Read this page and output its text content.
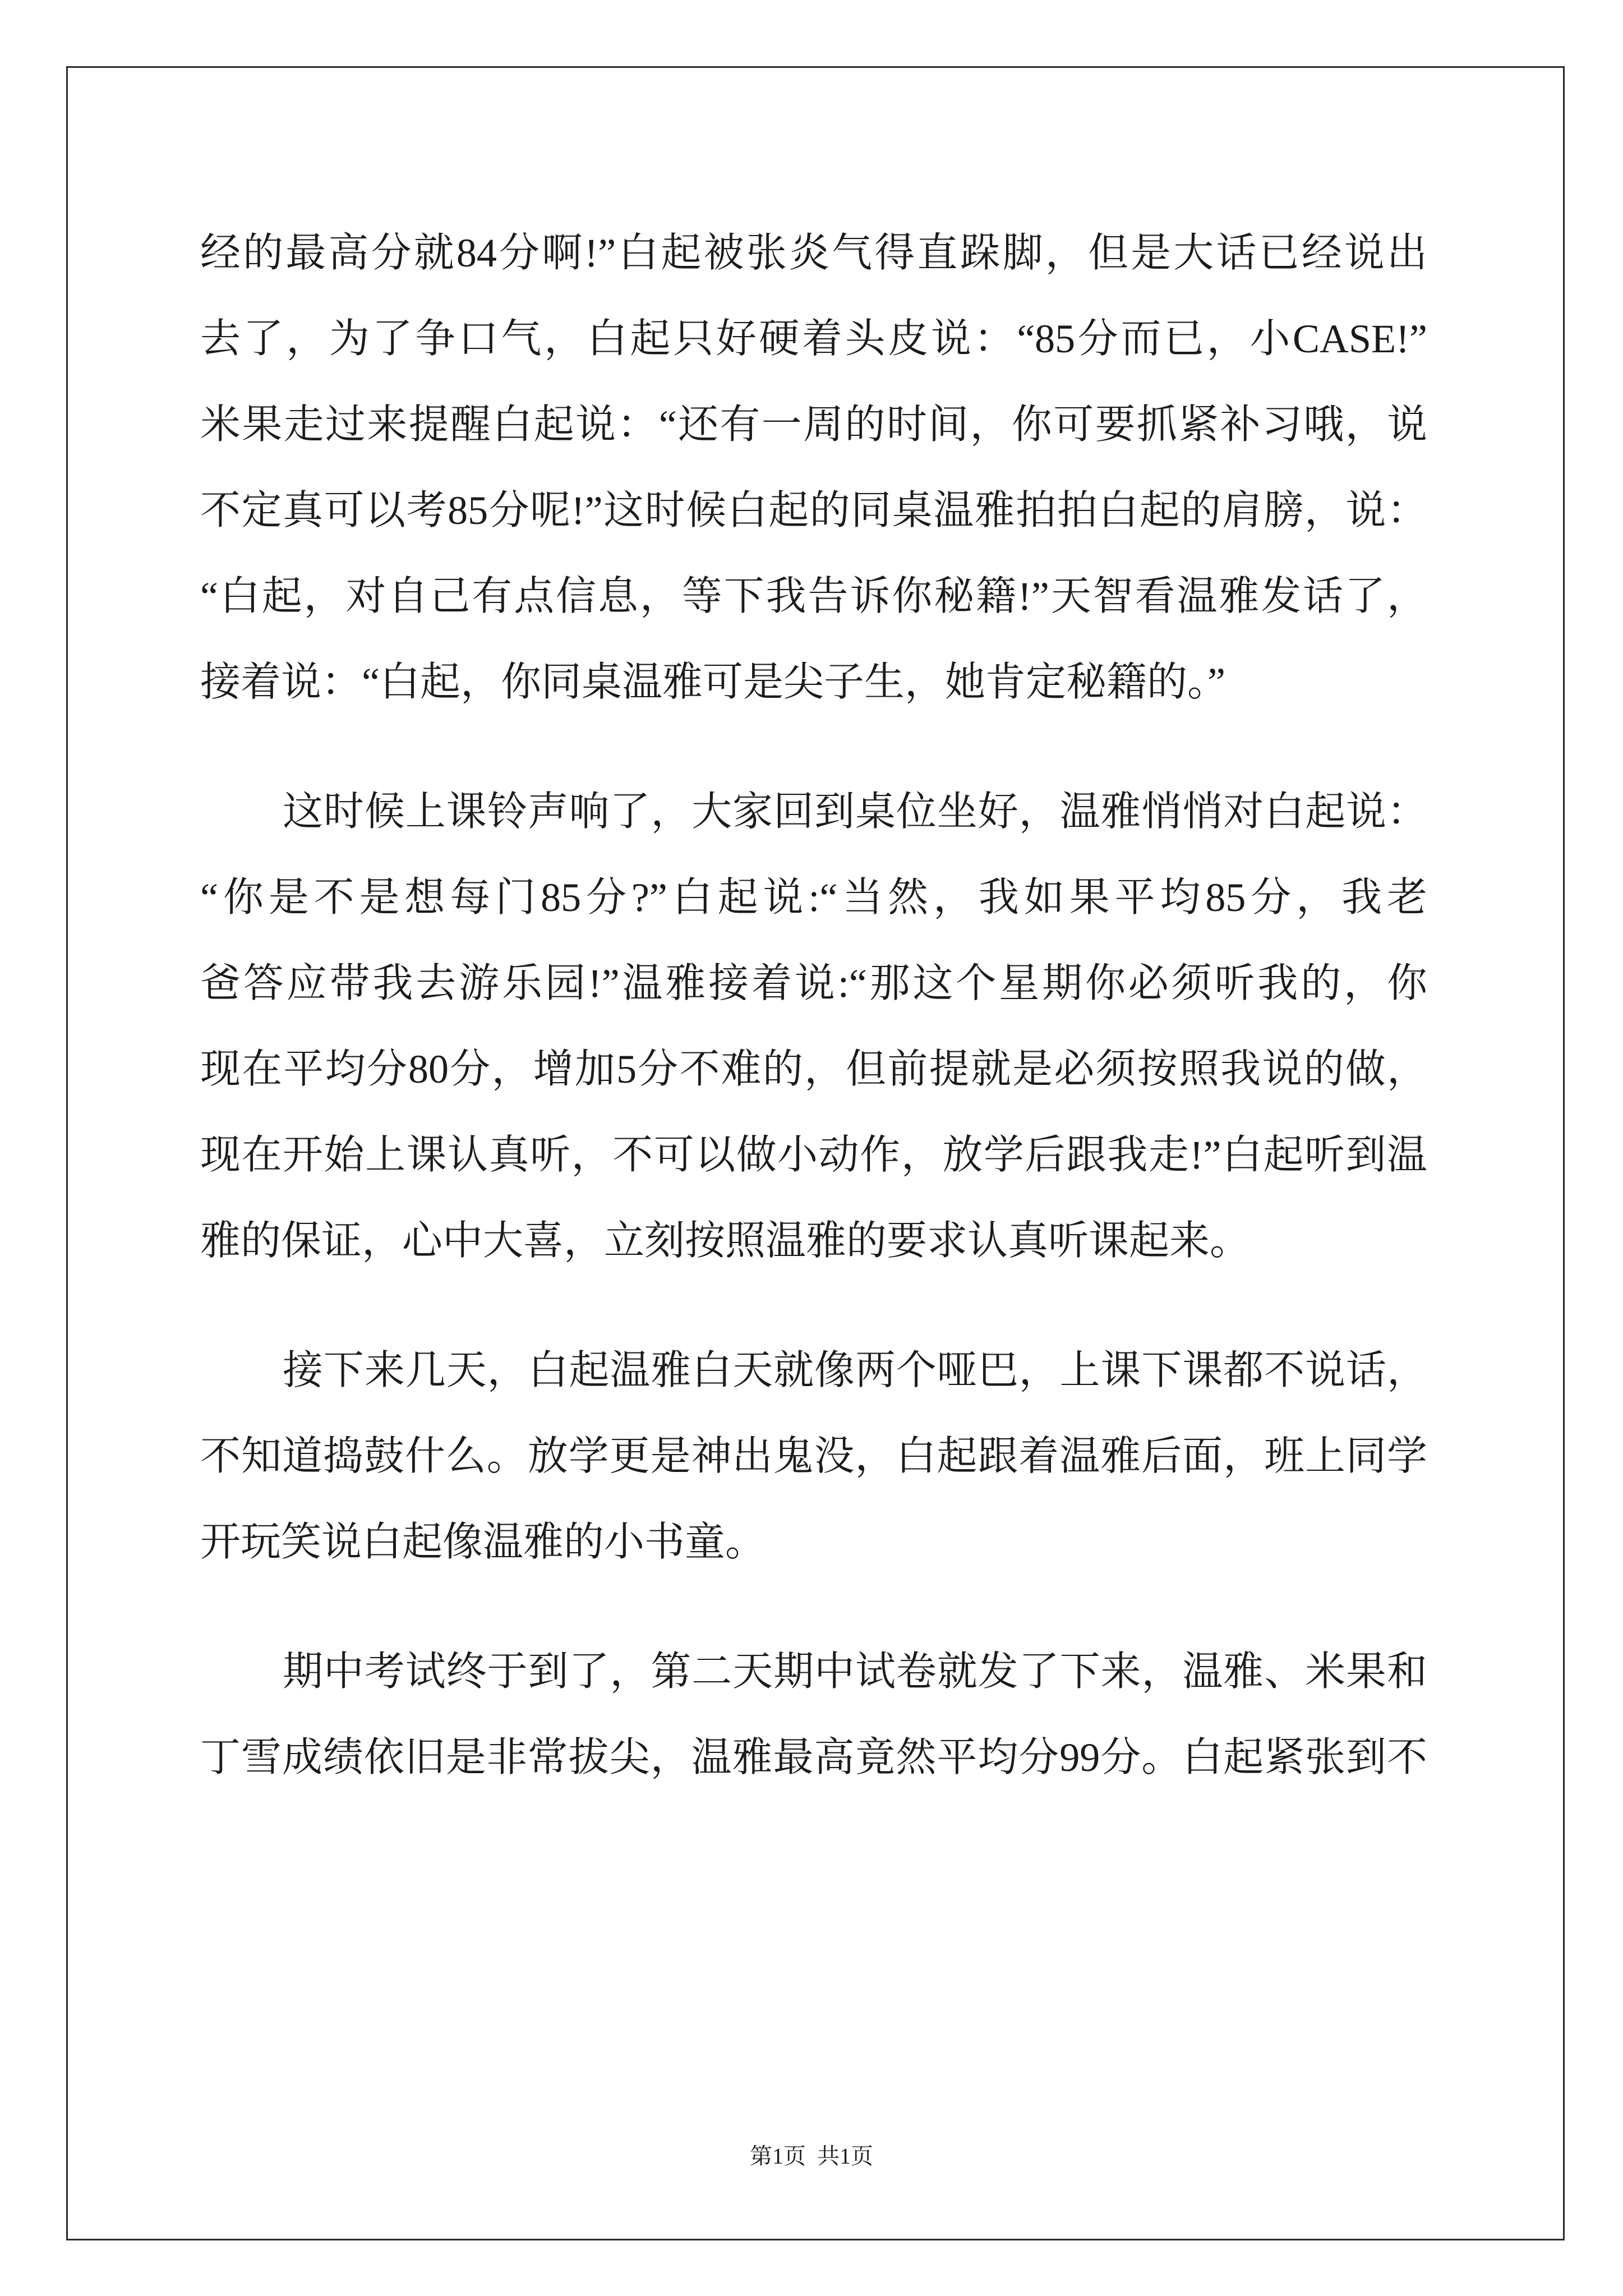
经的最高分就84分啊!”白起被张炎气得直跺脚，但是大话已经说出
去了，为了争口气，白起只好硬着头皮说：“85分而已，小CASE!”
米果走过来提醒白起说：“还有一周的时间，你可要抓紧补习哦，说
不定真可以考85分呢!”这时候白起的同桌温雅拍拍白起的肩膀，说：
“白起，对自己有点信息，等下我告诉你秘籍!”天智看温雅发话了，
接着说：“白起，你同桌温雅可是尖子生，她肯定秘籍的。”
这时候上课铃声响了，大家回到桌位坐好，温雅悄悄对白起说：
“你是不是想每门85分?”白起说:“当然，我如果平均85分，我老
爸答应带我去游乐园!”温雅接着说:“那这个星期你必须听我的，你
现在平均分80分，增加5分不难的，但前提就是必须按照我说的做，
现在开始上课认真听，不可以做小动作，放学后跟我走!”白起听到温
雅的保证，心中大喜，立刻按照温雅的要求认真听课起来。
接下来几天，白起温雅白天就像两个哑巴，上课下课都不说话，
不知道捣鼓什么。放学更是神出鬼没，白起跟着温雅后面，班上同学
开玩笑说白起像温雅的小书童。
期中考试终于到了，第二天期中试卷就发了下来，温雅、米果和
丁雪成绩依旧是非常拔尖，温雅最高竟然平均分99分。白起紧张到不
第1页  共1页
